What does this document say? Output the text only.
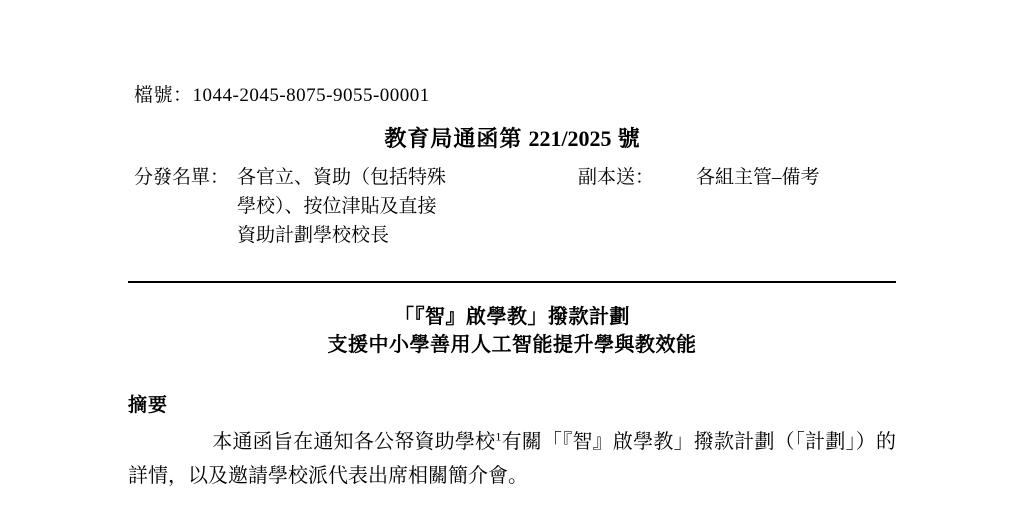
檔號：1044-2045-8075-9055-00001
教育局通函第 221/2025 號
分發名單： 各官立、資助（包括特殊
學校）、按位津貼及直接
資助計劃學校校長
副本送： 各組主管–備考
「『智』啟學教」撥款計劃
支援中小學善用人工智能提升學與教效能
摘要
本通函旨在通知各公帑資助學校$^1$有關「『智』啟學教」撥款計劃（「計劃」）的詳情，以及邀請學校派代表出席相關簡介會。
